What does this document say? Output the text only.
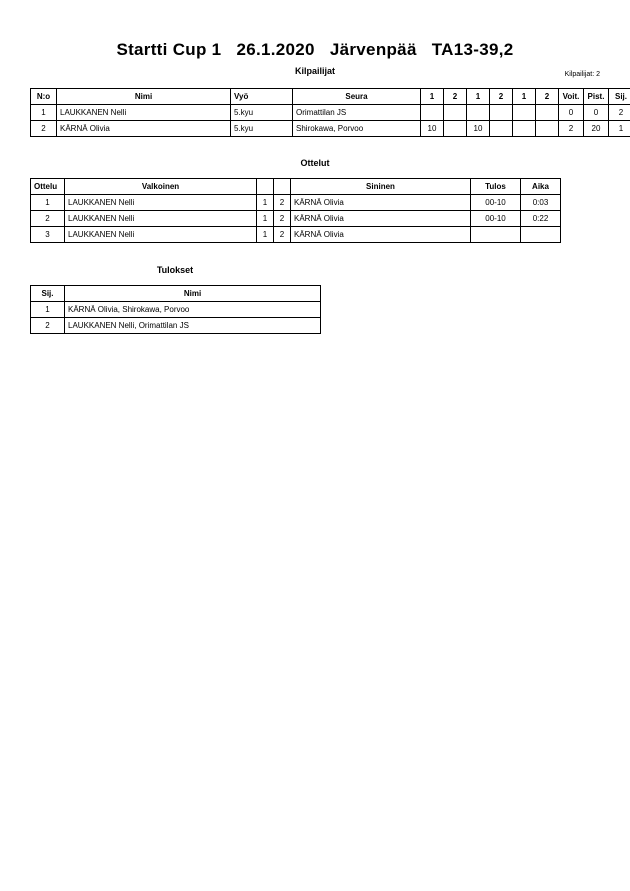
Startti Cup 1   26.1.2020   Järvenpää   TA13-39,2
Kilpailijat	Kilpailijat: 2
N:o	Nimi	Vyö	Seura	1	2	1	2	1	2	Voit.	Pist.	Sij.
1	LAUKKANEN Nelli	5.kyu	Orimattilan JS							0	0	2
2	KÄRNÄ Olivia	5.kyu	Shirokawa, Porvoo	10		10				2	20	1
Ottelut
Ottelu	Valkoinen			Sininen	Tulos	Aika
1	LAUKKANEN Nelli	1	2	KÄRNÄ Olivia	00-10	0:03
2	LAUKKANEN Nelli	1	2	KÄRNÄ Olivia	00-10	0:22
3	LAUKKANEN Nelli	1	2	KÄRNÄ Olivia		
Tulokset
Sij.	Nimi
1	KÄRNÄ Olivia, Shirokawa, Porvoo
2	LAUKKANEN Nelli, Orimattilan JS
